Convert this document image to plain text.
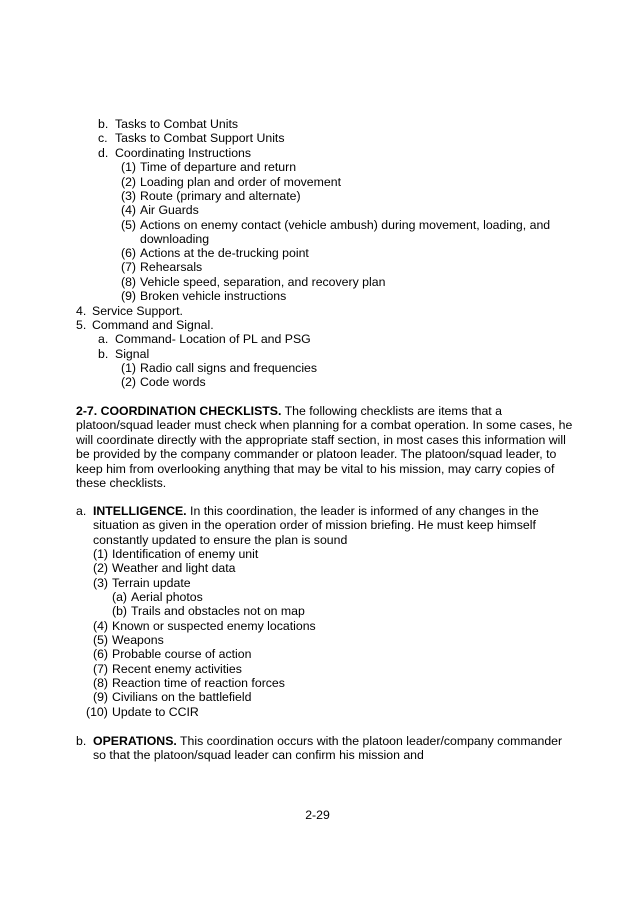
b. Tasks to Combat Units
c. Tasks to Combat Support Units
d. Coordinating Instructions
(1) Time of departure and return
(2) Loading plan and order of movement
(3) Route (primary and alternate)
(4) Air Guards
(5) Actions on enemy contact (vehicle ambush) during movement, loading, and
downloading
(6) Actions at the de-trucking point
(7) Rehearsals
(8) Vehicle speed, separation, and recovery plan
(9) Broken vehicle instructions
4. Service Support.
5. Command and Signal.
a. Command- Location of PL and PSG
b. Signal
(1) Radio call signs and frequencies
(2) Code words
2-7. COORDINATION CHECKLISTS. The following checklists are items that a platoon/squad leader must check when planning for a combat operation. In some cases, he will coordinate directly with the appropriate staff section, in most cases this information will be provided by the company commander or platoon leader. The platoon/squad leader, to keep him from overlooking anything that may be vital to his mission, may carry copies of these checklists.
a. INTELLIGENCE. In this coordination, the leader is informed of any changes in the situation as given in the operation order of mission briefing. He must keep himself constantly updated to ensure the plan is sound
(1) Identification of enemy unit
(2) Weather and light data
(3) Terrain update
(a) Aerial photos
(b) Trails and obstacles not on map
(4) Known or suspected enemy locations
(5) Weapons
(6) Probable course of action
(7) Recent enemy activities
(8) Reaction time of reaction forces
(9) Civilians on the battlefield
(10) Update to CCIR
b. OPERATIONS. This coordination occurs with the platoon leader/company commander so that the platoon/squad leader can confirm his mission and
2-29
